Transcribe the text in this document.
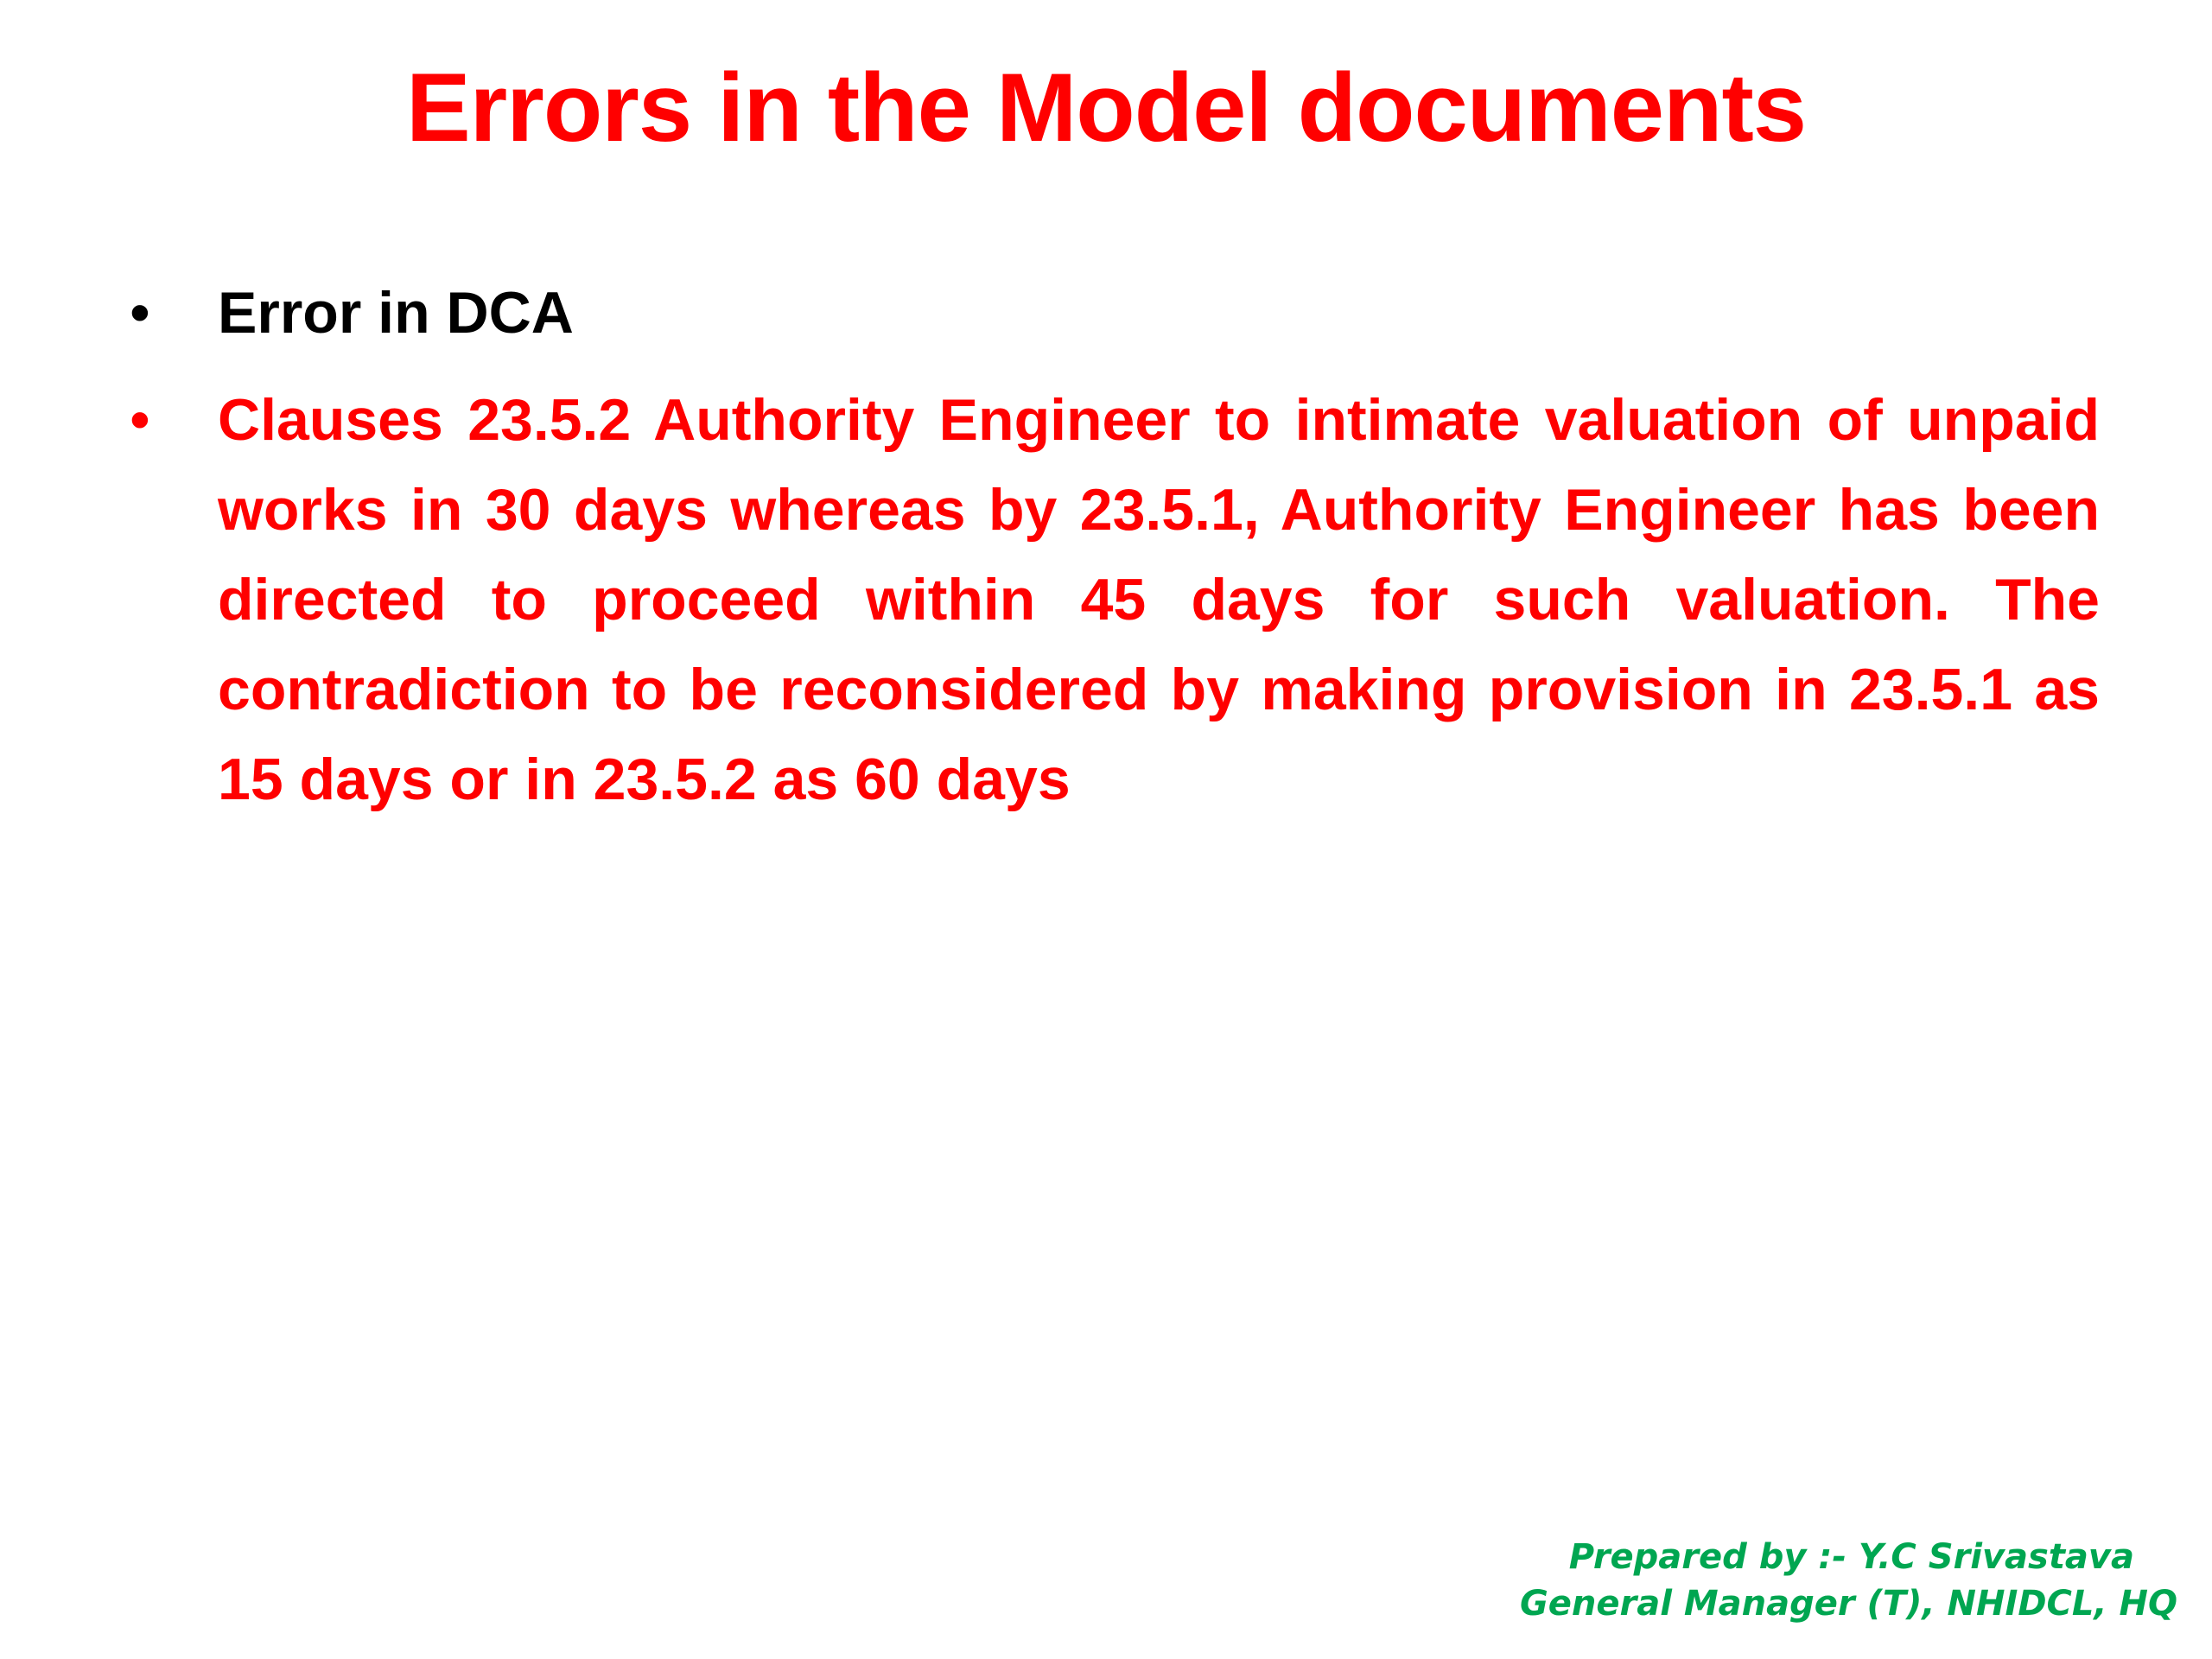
Errors in the Model documents
• Error in DCA
• Clauses 23.5.2 Authority Engineer to intimate valuation of unpaid works in 30 days whereas by 23.5.1, Authority Engineer has been directed to proceed within 45 days for such valuation. The contradiction to be reconsidered by making provision in 23.5.1 as 15 days or in 23.5.2 as 60 days
Prepared by :- Y.C Srivastava
General Manager (T), NHIDCL, HQ
